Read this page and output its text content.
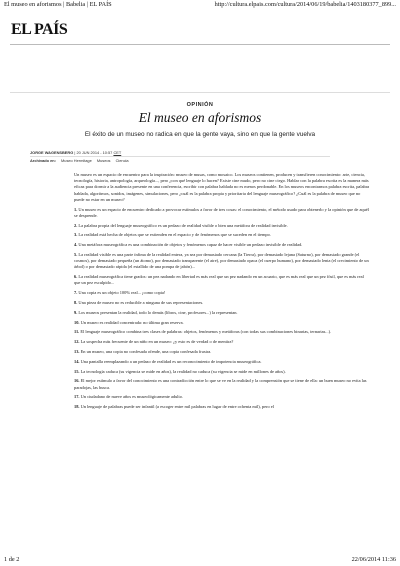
El museo en aforismos | Babelia | EL PAÍS	http://cultura.elpais.com/cultura/2014/06/19/babelia/1403180377_899...
EL PAÍS
OPINIÓN
El museo en aforismos
El éxito de un museo no radica en que la gente vaya, sino en que la gente vuelva
JORGE WAGENSBERG | 20 JUN 2014 - 10:57 CET
Archivado en: Museo Hermitage Museos Ciencia

Un museo es un espacio de encuentro para la inspiración: museo de musas, como mosaico. Los museos contienen, producen y transfieren conocimiento: arte, ciencia, tecnología, historia, antropología, arqueología..., pero ¿con qué lenguaje lo hacen? Existe cine mudo, pero no cine ciego. Hablar con la palabra escrita es la manera más eficaz para dormir a la audiencia presente en una conferencia, escribir con palabra hablada no es menos perdonable. En los museos encontramos palabra escrita, palabra hablada, algoritmos, sonidos, imágenes, simulaciones, pero ¿cuál es la palabra propia y prioritaria del lenguaje museográfico? ¿Cuál es la palabra de museo que no puede no estar en un museo?

1. Un museo es un espacio de encuentro dedicado a provocar estímulos a favor de tres cosas: el conocimiento, el método usado para obtenerlo y la opinión que de aquél se desprende.

2. La palabra propia del lenguaje museográfico es un pedazo de realidad visible o bien una metáfora de realidad invisible.

3. La realidad está hecha de objetos que se extienden en el espacio y de fenómenos que se suceden en el tiempo.

4. Una metáfora museográfica es una combinación de objetos y fenómenos capaz de hacer visible un pedazo invisible de realidad.

5. La realidad visible es una parte ínfima de la realidad entera, ya sea por demasiado cercana (la Tierra), por demasiado lejana (Saturno), por demasiado grande (el cosmos), por demasiado pequeña (un átomo), por demasiado transparente (el aire), por demasiado opaca (el cuerpo humano), por demasiado lenta (el crecimiento de un árbol) o por demasiado rápida (el estallido de una pompa de jabón)...

6. La realidad museográfica tiene grados: un pez nadando en libertad es más real que un pez nadando en un acuario, que es más real que un pez fósil, que es más real que un pez esculpido...

7. Una copia es un objeto 100% real... ¡como copia!

8. Una pieza de museo no es reducible a ninguna de sus representaciones.

9. Los museos presentan la realidad, todo lo demás (libros, cine, profesores...) la representan.

10. Un museo es realidad concentrada: no última gran reserva.

11. El lenguaje museográfico combina tres clases de palabras: objetos, fenómenos y metáforas (con todas sus combinaciones binarias, ternarias...).

12. La sospecha más frecuente de un niño en un museo: ¿y esto es de verdad o de mentira?

13. En un museo, una copia no confesada ofende, una copia confesada frustra.

14. Una pantalla reemplazando a un pedazo de realidad es un reconocimiento de impotencia museográfica.

15. La tecnología caduca (su vigencia se mide en años), la realidad no caduca (su vigencia se mide en millones de años).

16. El mejor estímulo a favor del conocimiento es una contradicción entre lo que se ve en la realidad y la comprensión que se tiene de ella: un buen museo no evita las paradojas, las busca.

17. Un ciudadano de nueve años es museológicamente adulto.

18. Un lenguaje de palabras puede ser infantil (a escoger entre mil palabras en lugar de entre ochenta mil), pero el

1 de 2	22/06/2014 11:36
